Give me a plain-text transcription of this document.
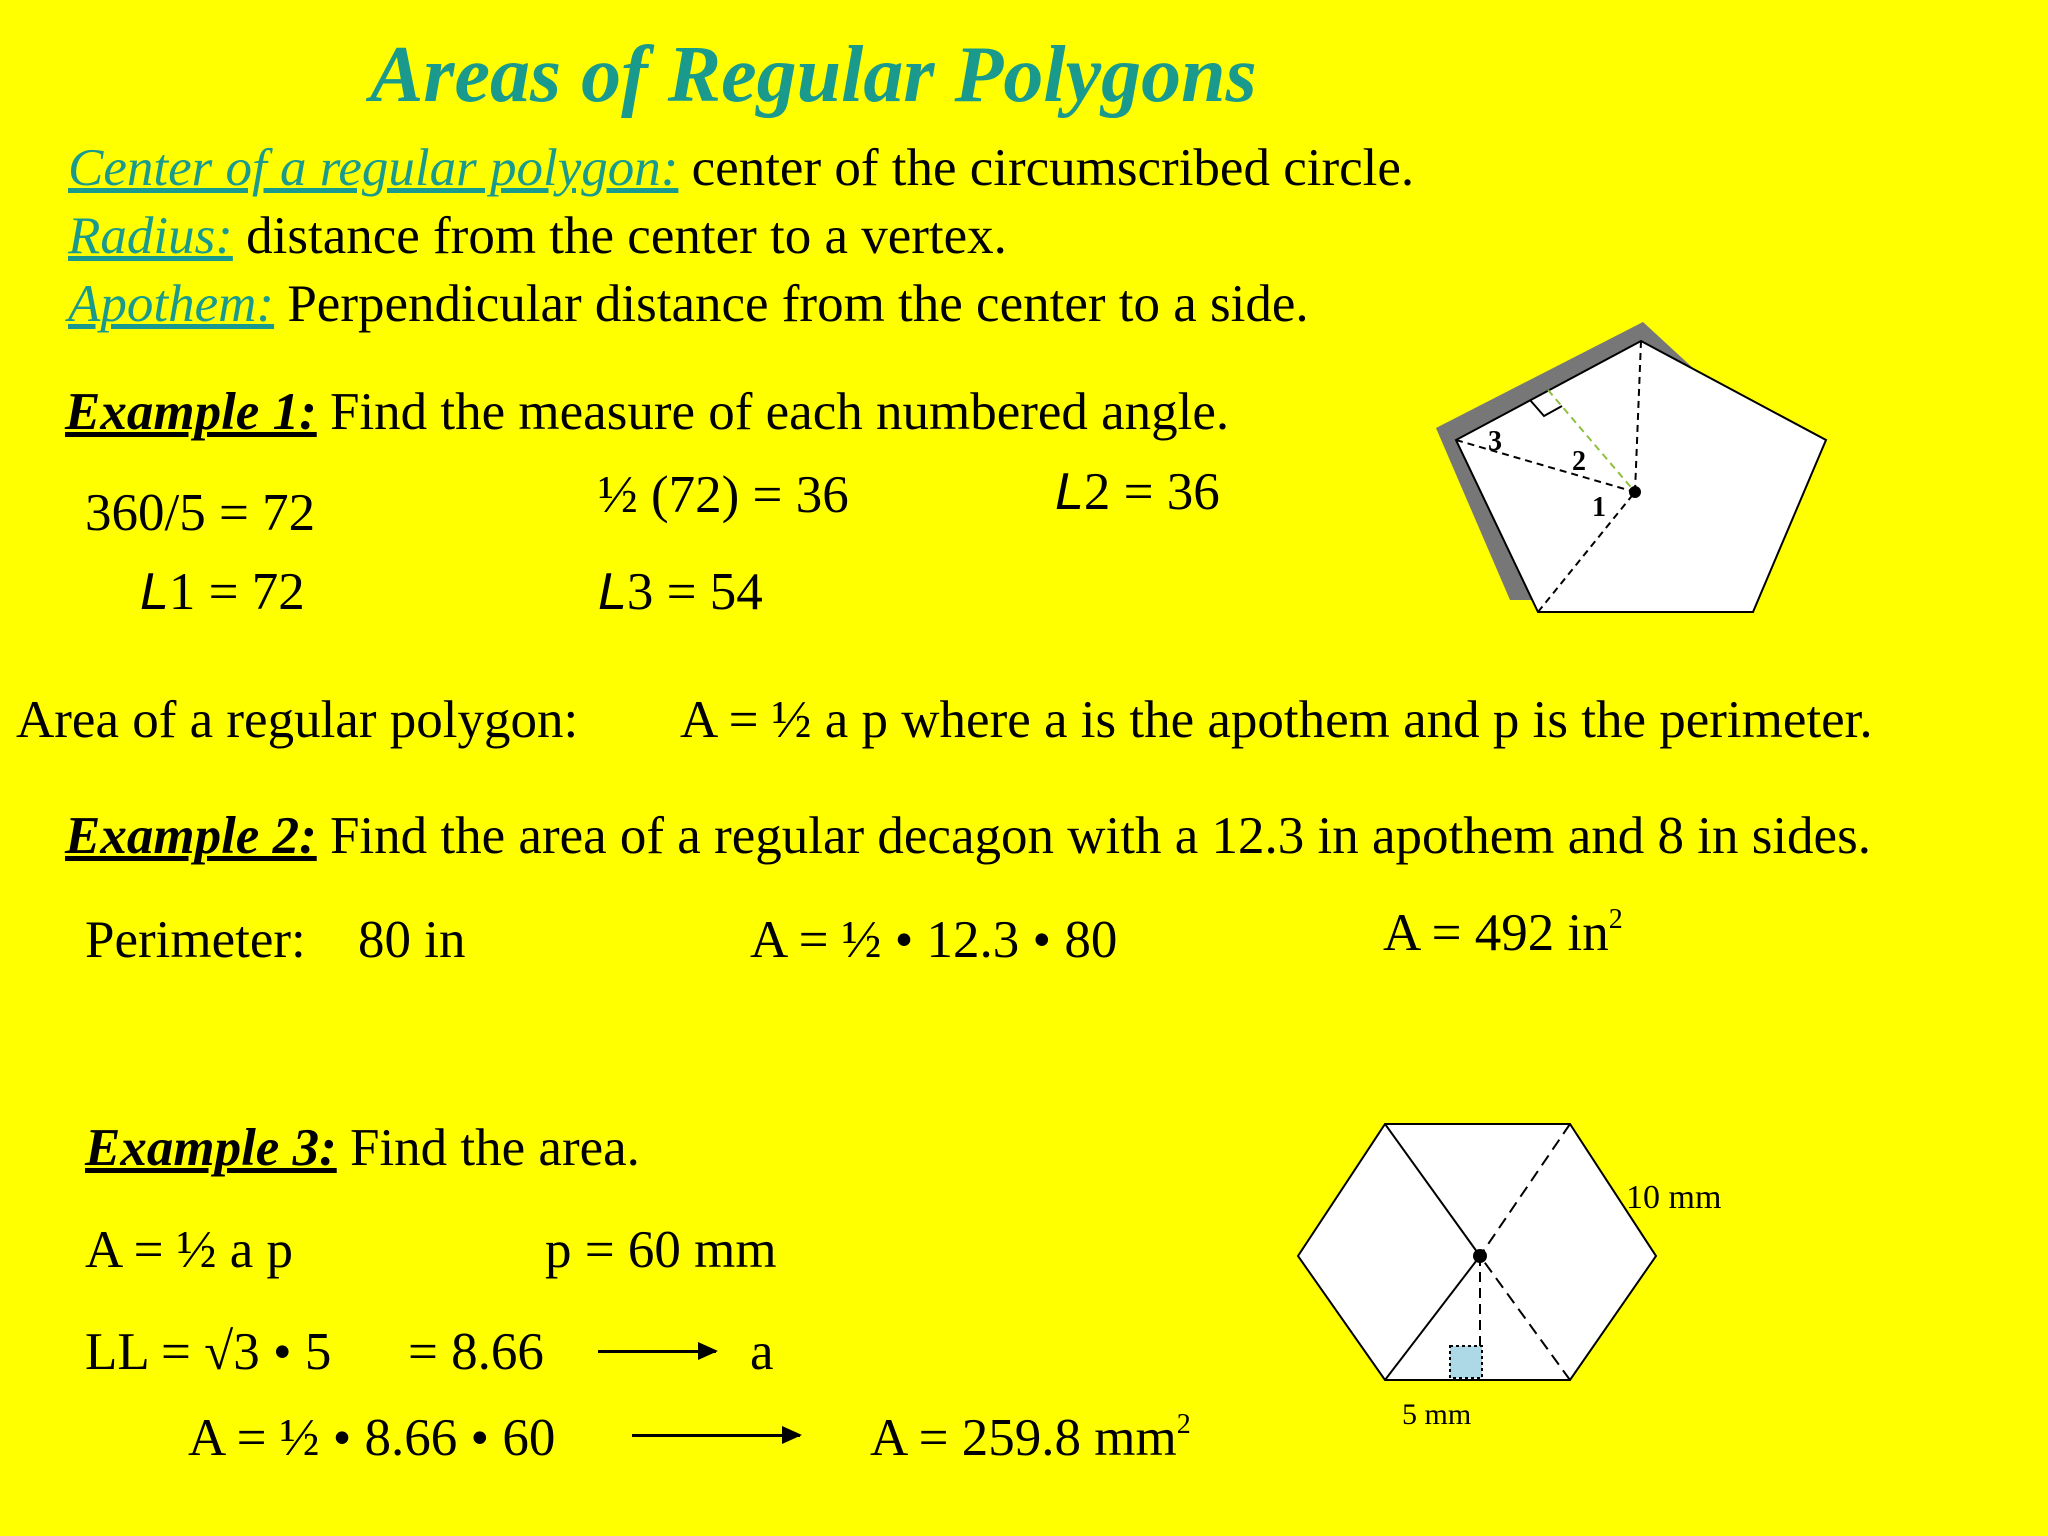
Areas of Regular Polygons
Center of a regular polygon: center of the circumscribed circle.
Radius: distance from the center to a vertex.
Apothem: Perpendicular distance from the center to a side.
Example 1: Find the measure of each numbered angle.
360/5 = 72
L1 = 72
½ (72) = 36
L3 = 54
L2 = 36
3
2
1
Area of a regular polygon: A = ½ a p where a is the apothem and p is the perimeter.
Example 2: Find the area of a regular decagon with a 12.3 in apothem and 8 in sides.
Perimeter: 80 in	A = ½ • 12.3 • 80	A = 492 $in^2$
Example 3: Find the area.
A = ½ a p	p = 60 mm
LL = √3 • 5 = 8.66	a
A = ½ • 8.66 • 60	A = 259.8 $mm^2$
10 mm
5 mm
